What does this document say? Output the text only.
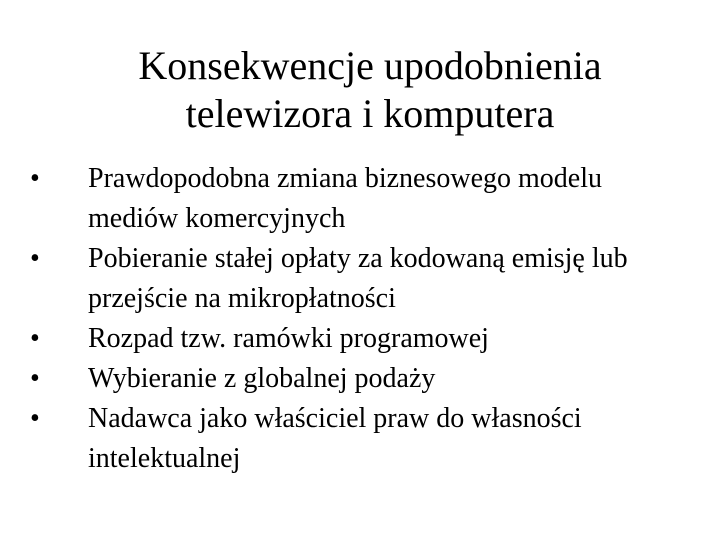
Konsekwencje upodobnienia
telewizora i komputera
•	Prawdopodobna zmiana biznesowego modelu mediów komercyjnych
•	Pobieranie stałej opłaty za kodowaną emisję lub przejście na mikropłatności
•	Rozpad tzw. ramówki programowej
•	Wybieranie z globalnej podaży
•	Nadawca jako właściciel praw do własności intelektualnej
